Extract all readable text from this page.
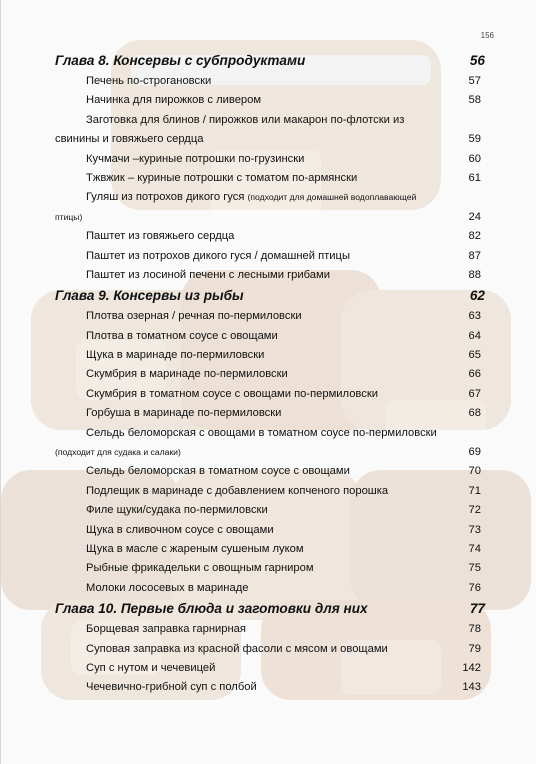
156
Глава 8. Консервы с субпродуктами	56
Печень по-строгановски	57
Начинка для пирожков с ливером	58
Заготовка для блинов / пирожков или макарон по-флотски из
свинины и говяжьего сердца	59
Кучмачи –куриные потрошки по-грузински	60
Тжвжик – куриные потрошки с томатом по-армянски	61
Гуляш из потрохов дикого гуся (подходит для домашней водоплавающей
птицы)	24
Паштет из говяжьего сердца	82
Паштет из потрохов дикого гуся / домашней птицы	87
Паштет из лосиной печени с лесными грибами	88
Глава 9. Консервы из рыбы	62
Плотва озерная / речная по-пермиловски	63
Плотва в томатном соусе с овощами	64
Щука в маринаде по-пермиловски	65
Скумбрия в маринаде по-пермиловски	66
Скумбрия в томатном соусе с овощами по-пермиловски	67
Горбуша в маринаде по-пермиловски	68
Сельдь беломорская с овощами в томатном соусе по-пермиловски
(подходит для судака и салаки)	69
Сельдь беломорская в томатном соусе с овощами	70
Подлещик в маринаде с добавлением копченого порошка	71
Филе щуки/судака по-пермиловски	72
Щука в сливочном соусе с овощами	73
Щука в масле с жареным сушеным луком	74
Рыбные фрикадельки с овощным гарниром	75
Молоки лососевых в маринаде	76
Глава 10. Первые блюда и заготовки для них	77
Борщевая заправка гарнирная	78
Суповая заправка из красной фасоли с мясом и овощами	79
Суп с нутом и чечевицей	142
Чечевично-грибной суп с полбой	143
